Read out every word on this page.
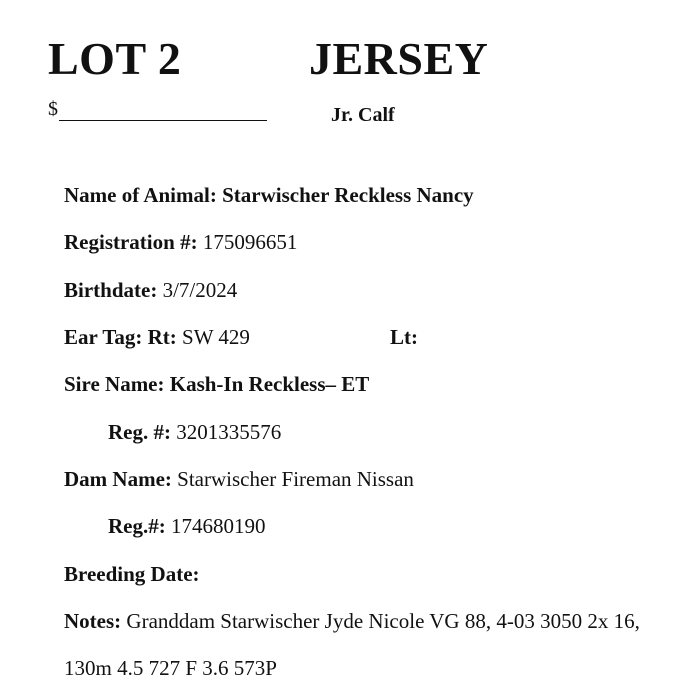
LOT 2	JERSEY
$	Jr. Calf
Name of Animal: Starwischer Reckless Nancy
Registration #: 175096651
Birthdate: 3/7/2024
Ear Tag: Rt: SW 429	Lt:
Sire Name: Kash-In Reckless– ET
Reg. #: 3201335576
Dam Name: Starwischer Fireman Nissan
Reg.#: 174680190
Breeding Date:
Notes: Granddam Starwischer Jyde Nicole VG 88, 4-03 3050 2x 16,
130m 4.5 727 F 3.6 573P
